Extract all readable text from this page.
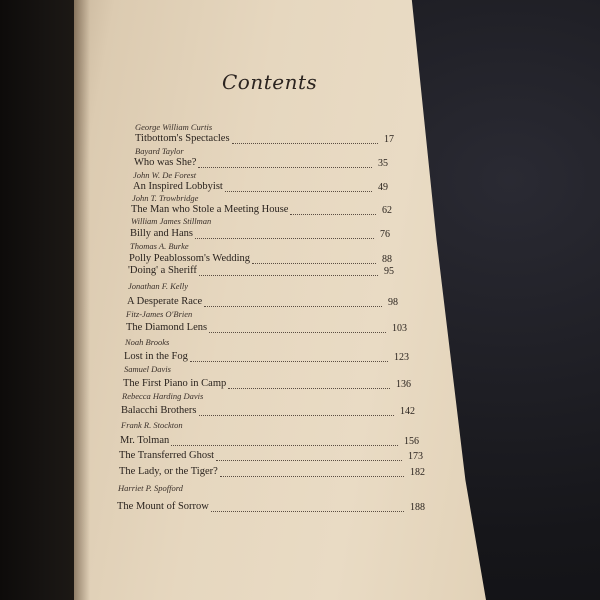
Contents
George William Curtis
Titbottom's Spectacles	17
Bayard Taylor
Who was She?	35
John W. De Forest
An Inspired Lobbyist	49
John T. Trowbridge
The Man who Stole a Meeting House	62
William James Stillman
Billy and Hans	76
Thomas A. Burke
Polly Peablossom's Wedding	88
'Doing' a Sheriff	95
Jonathan F. Kelly
A Desperate Race	98
Fitz-James O'Brien
The Diamond Lens	103
Noah Brooks
Lost in the Fog	123
Samuel Davis
The First Piano in Camp	136
Rebecca Harding Davis
Balacchi Brothers	142
Frank R. Stockton
Mr. Tolman	156
The Transferred Ghost	173
The Lady, or the Tiger?	182
Harriet P. Spofford
The Mount of Sorrow	188
